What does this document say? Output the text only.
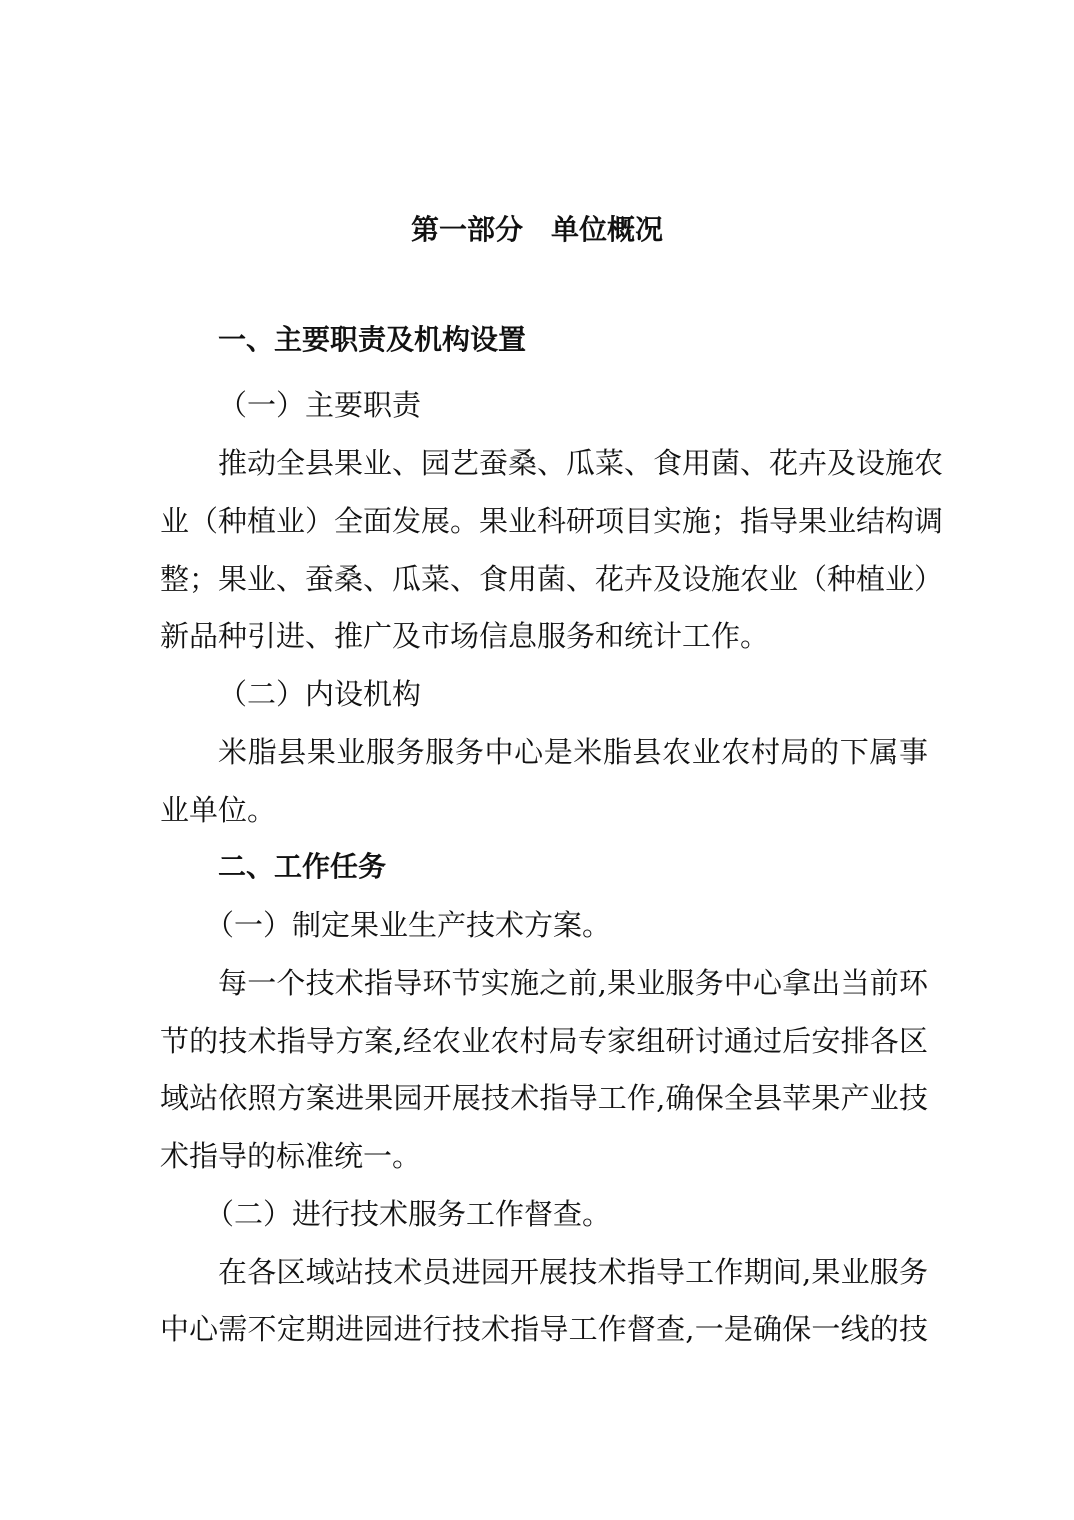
第一部分　单位概况
一、主要职责及机构设置
（一）主要职责
推动全县果业、园艺蚕桑、瓜菜、食用菌、花卉及设施农
业（种植业）全面发展。果业科研项目实施；指导果业结构调
整；果业、蚕桑、瓜菜、食用菌、花卉及设施农业（种植业）
新品种引进、推广及市场信息服务和统计工作。
（二）内设机构
米脂县果业服务服务中心是米脂县农业农村局的下属事
业单位。
二、工作任务
（一）制定果业生产技术方案。
每一个技术指导环节实施之前,果业服务中心拿出当前环
节的技术指导方案,经农业农村局专家组研讨通过后安排各区
域站依照方案进果园开展技术指导工作,确保全县苹果产业技
术指导的标准统一。
（二）进行技术服务工作督查。
在各区域站技术员进园开展技术指导工作期间,果业服务
中心需不定期进园进行技术指导工作督查,一是确保一线的技
